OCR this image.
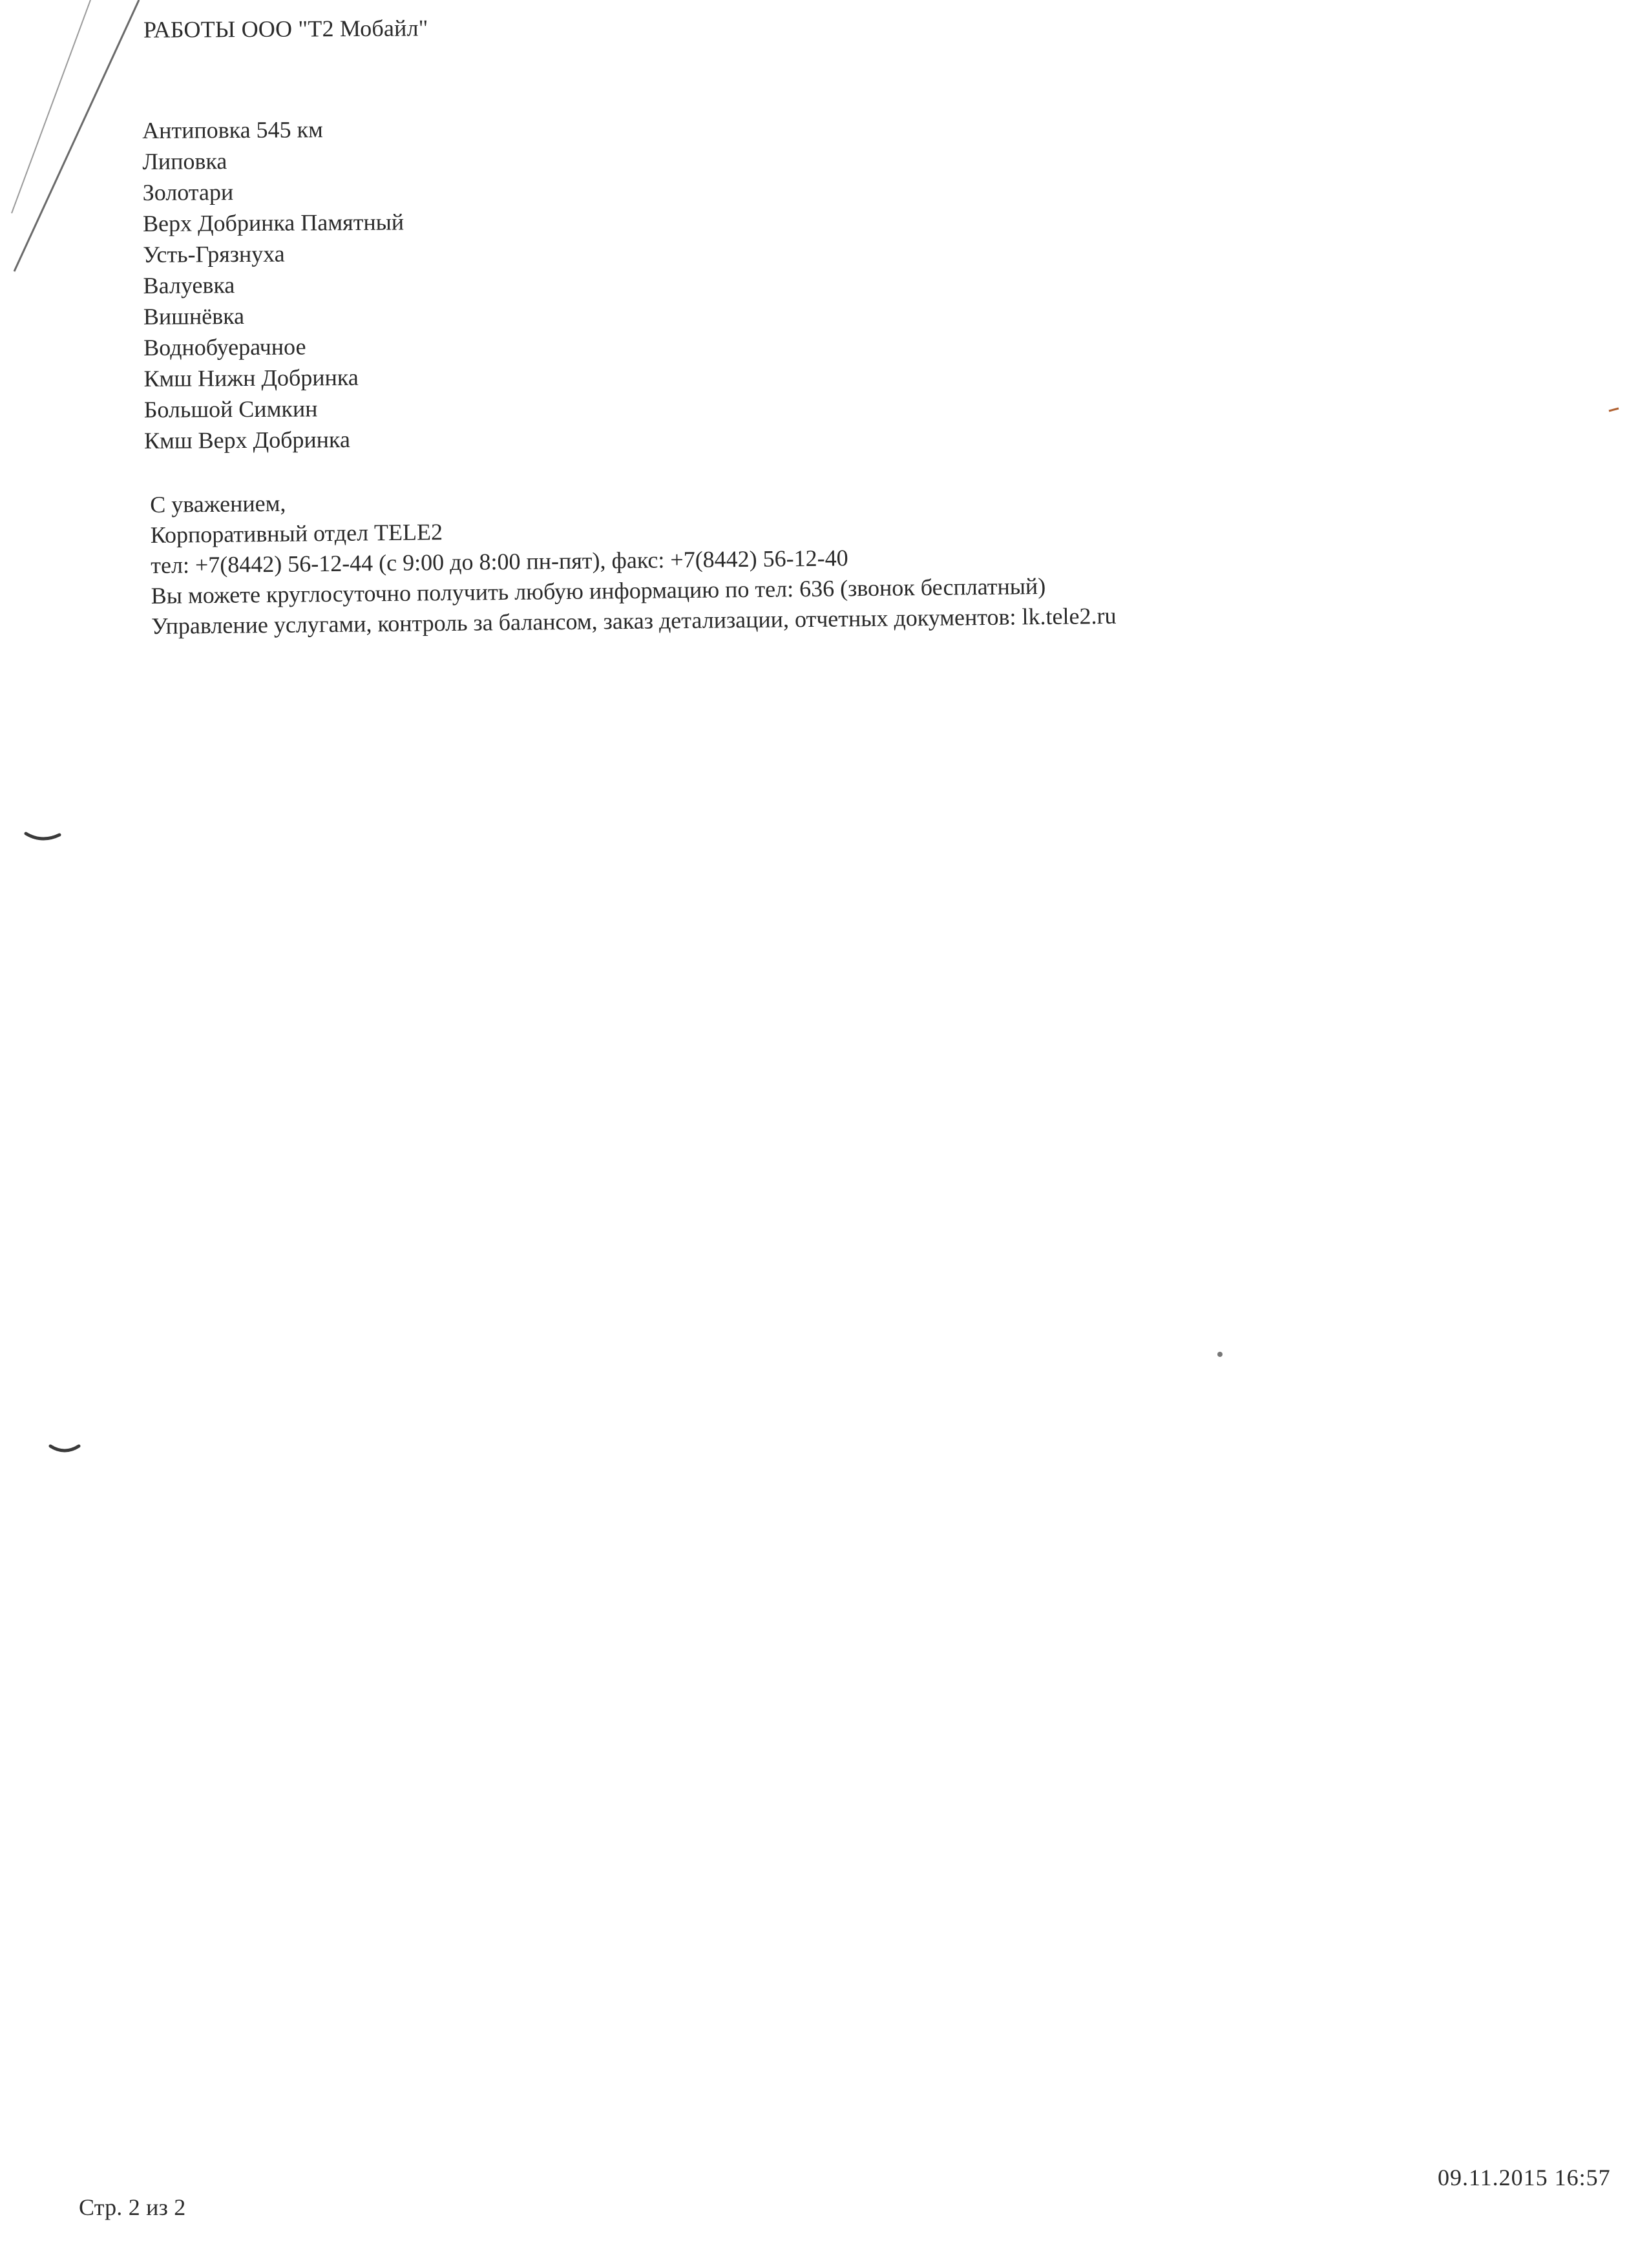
РАБОТЫ ООО "Т2 Мобайл"
Антиповка 545 км
Липовка
Золотари
Верх Добринка Памятный
Усть-Грязнуха
Валуевка
Вишнёвка
Воднобуерачное
Кмш Нижн Добринка
Большой Симкин
Кмш Верх Добринка
С уважением,
Корпоративный отдел TELE2
тел: +7(8442) 56-12-44 (с 9:00 до 8:00 пн-пят), факс: +7(8442) 56-12-40
Вы можете круглосуточно получить любую информацию по тел: 636 (звонок бесплатный)
Управление услугами, контроль за балансом, заказ детализации, отчетных документов: lk.tele2.ru
Стр. 2 из 2
09.11.2015 16:57
